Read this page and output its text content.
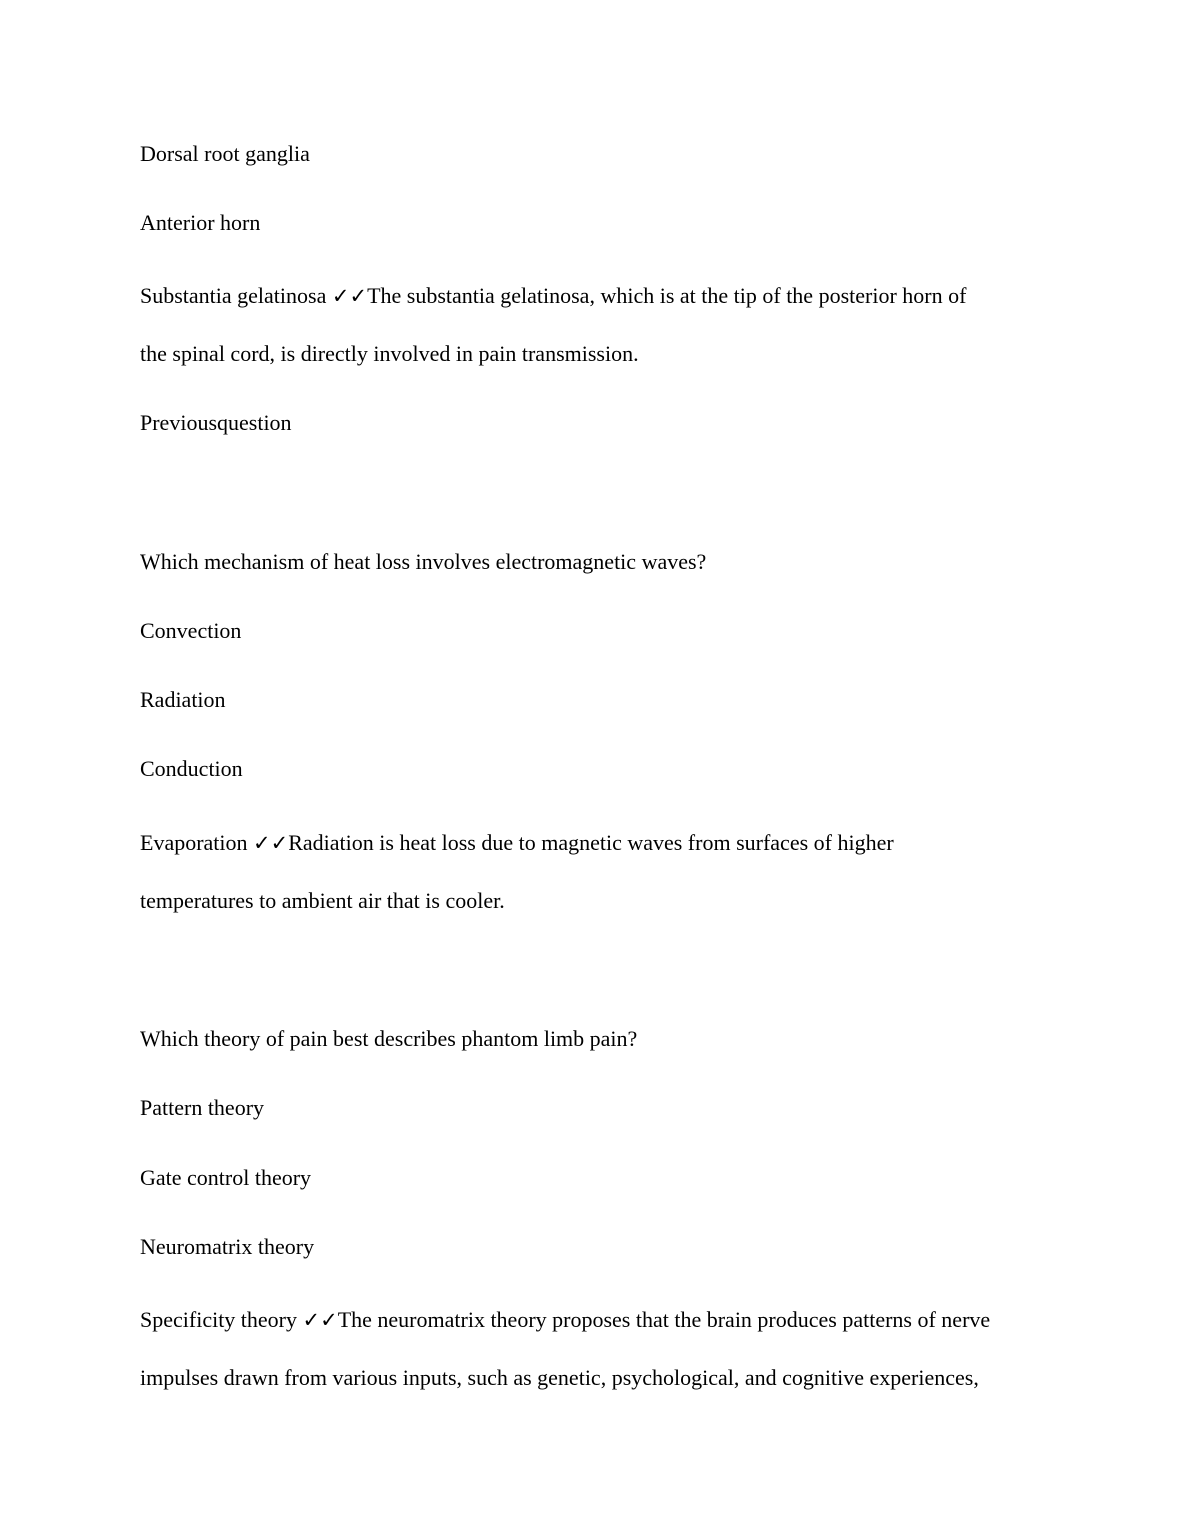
Dorsal root ganglia
Anterior horn
Substantia gelatinosa ✓✓The substantia gelatinosa, which is at the tip of the posterior horn of
the spinal cord, is directly involved in pain transmission.
Previousquestion
Which mechanism of heat loss involves electromagnetic waves?
Convection
Radiation
Conduction
Evaporation ✓✓Radiation is heat loss due to magnetic waves from surfaces of higher
temperatures to ambient air that is cooler.
Which theory of pain best describes phantom limb pain?
Pattern theory
Gate control theory
Neuromatrix theory
Specificity theory ✓✓The neuromatrix theory proposes that the brain produces patterns of nerve
impulses drawn from various inputs, such as genetic, psychological, and cognitive experiences,
